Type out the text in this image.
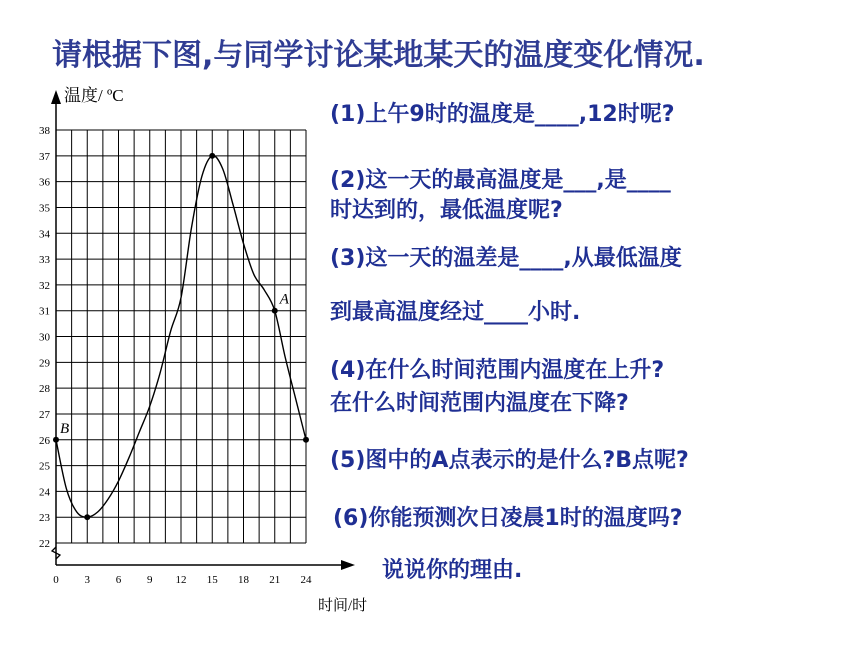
请根据下图,与同学讨论某地某天的温度变化情况.
22
23
24
25
26
27
28
29
30
31
32
33
34
35
36
37
38
0 3 6 9 12 15 18 21 24
B
A
温度/ ºC
时间/时
(1)上午9时的温度是____,12时呢?
(2)这一天的最高温度是___,是____
时达到的，最低温度呢?
(3)这一天的温差是____,从最低温度
到最高温度经过____小时.
(4)在什么时间范围内温度在上升?
在什么时间范围内温度在下降?
(5)图中的A点表示的是什么?B点呢?
(6)你能预测次日凌晨1时的温度吗?
说说你的理由.
